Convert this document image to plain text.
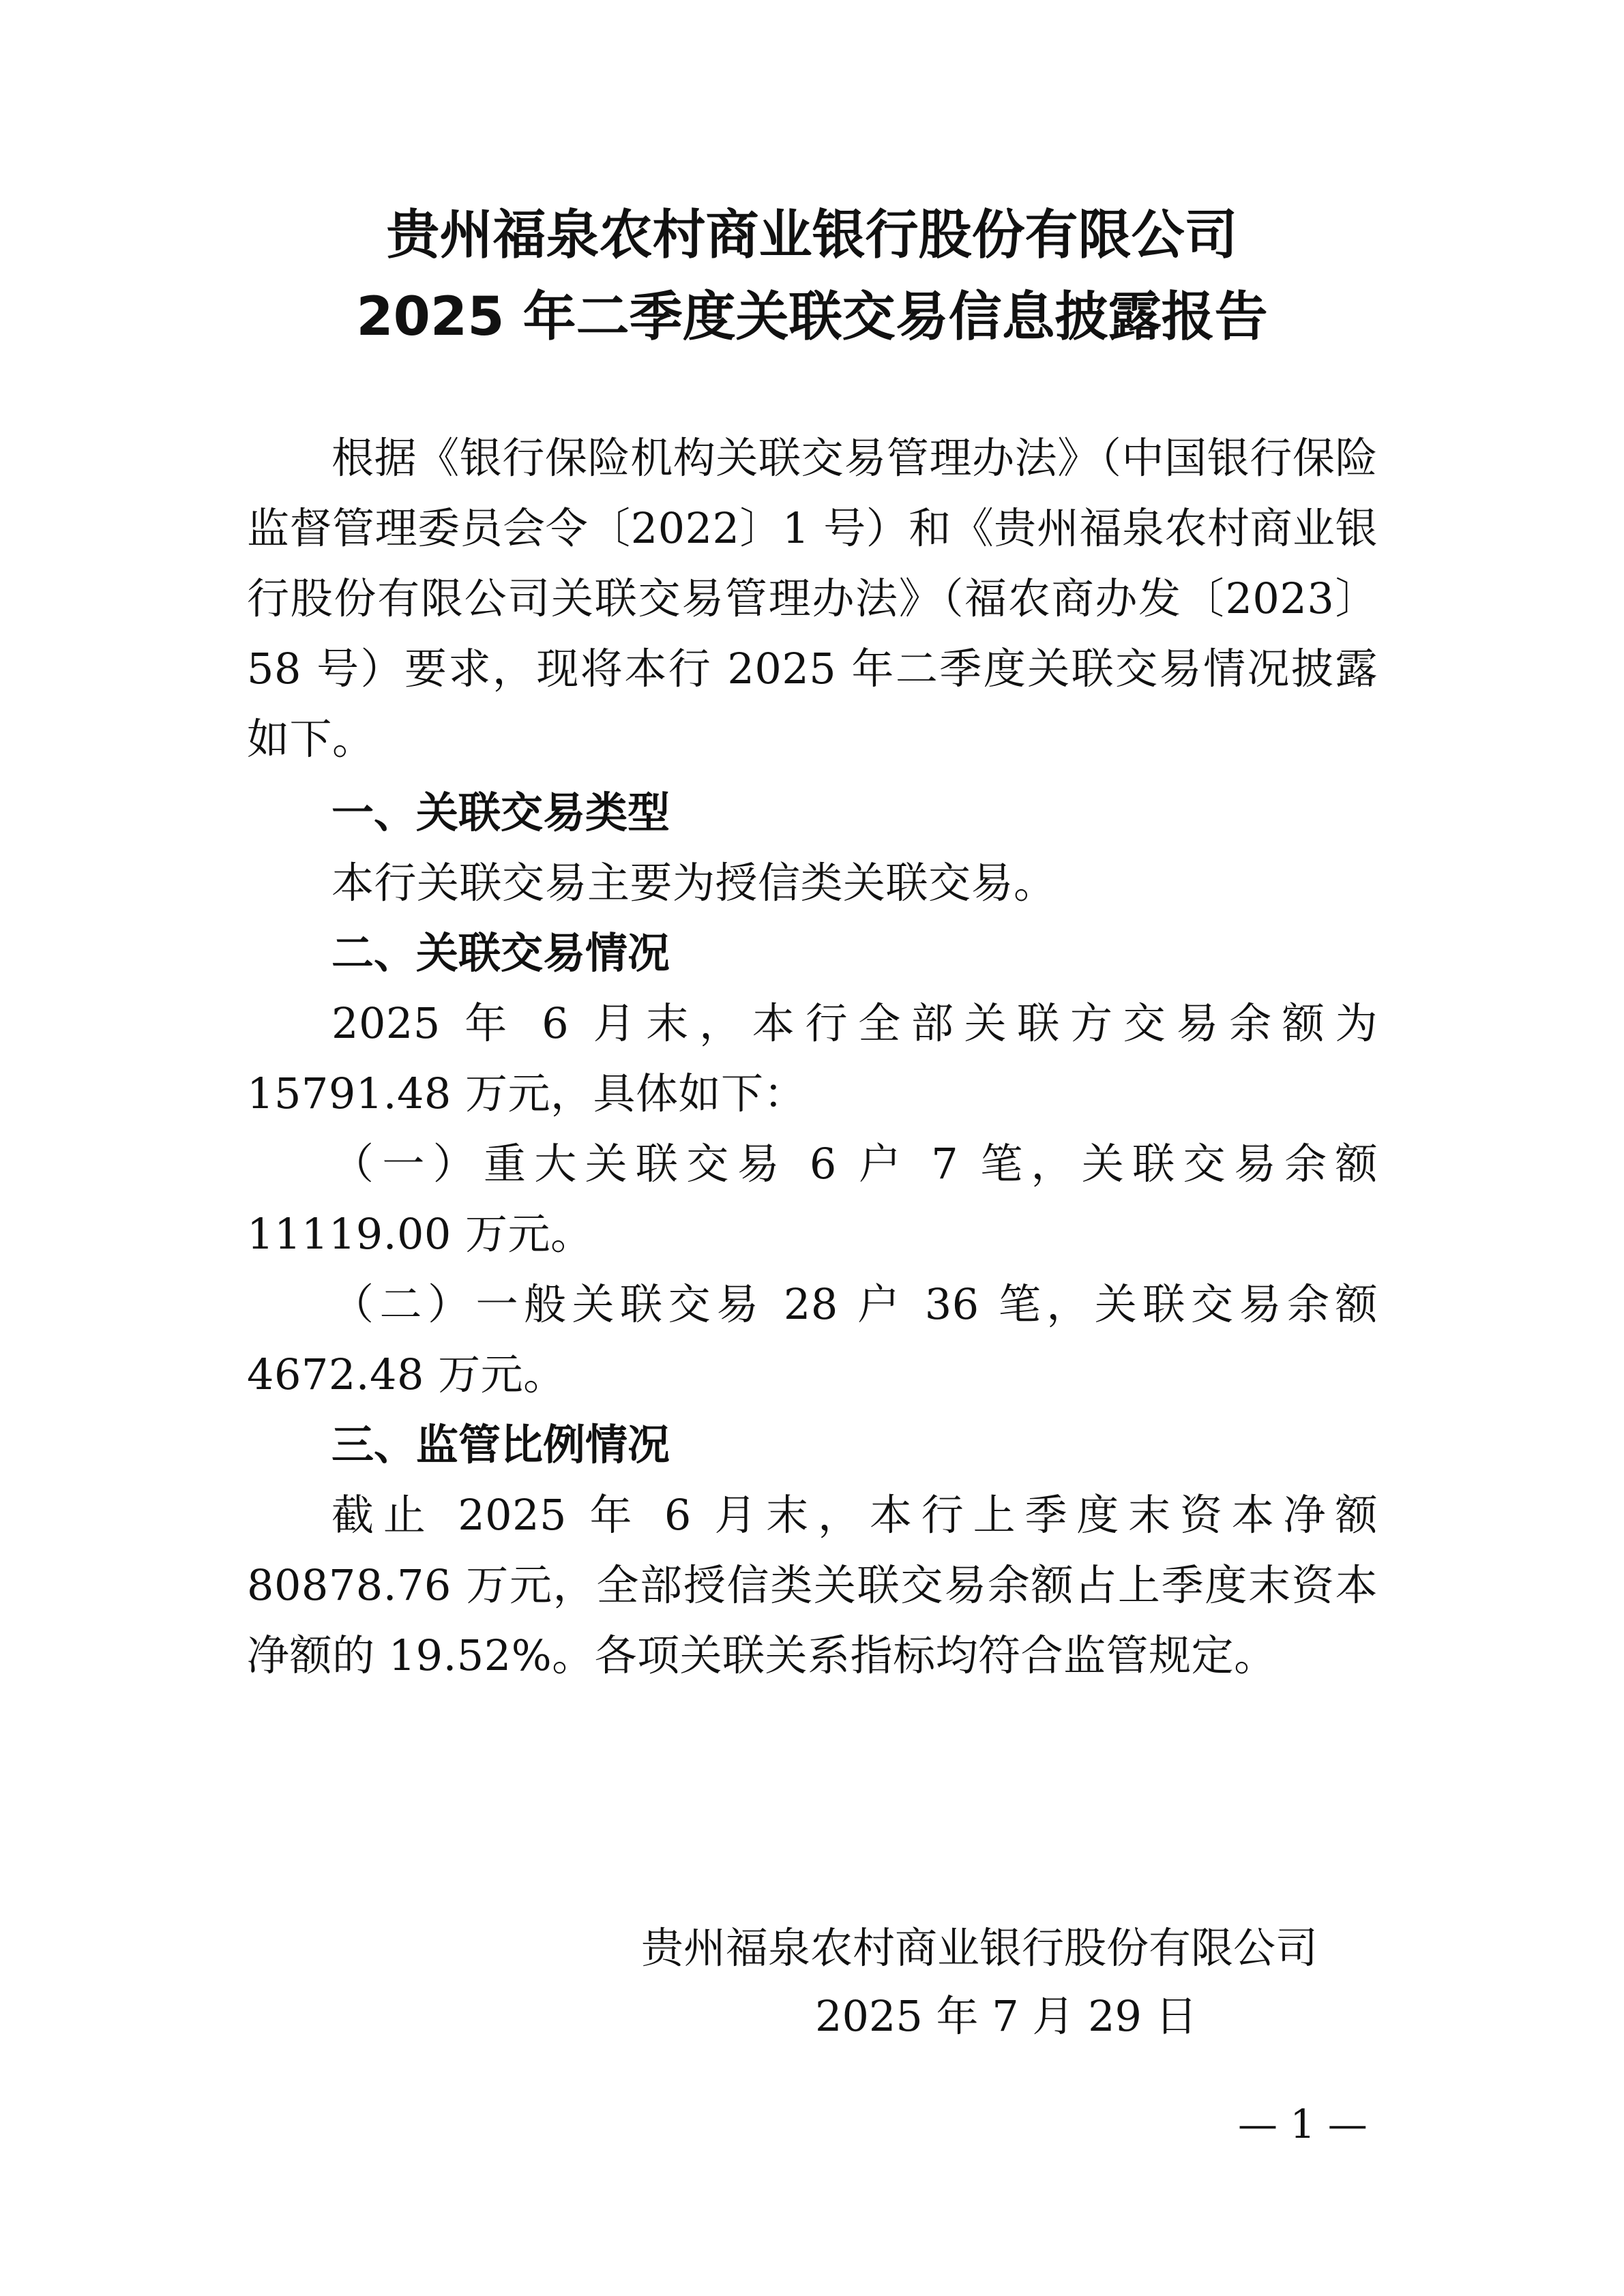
贵州福泉农村商业银行股份有限公司
2025 年二季度关联交易信息披露报告

根据《银行保险机构关联交易管理办法》（中国银行保险监督管理委员会令〔2022〕1 号）和《贵州福泉农村商业银行股份有限公司关联交易管理办法》（福农商办发〔2023〕58 号）要求，现将本行 2025 年二季度关联交易情况披露如下。

一、关联交易类型

本行关联交易主要为授信类关联交易。

二、关联交易情况

2025 年 6 月末，本行全部关联方交易余额为 15791.48 万元，具体如下：

（一）重大关联交易 6 户 7 笔，关联交易余额 11119.00 万元。

（二）一般关联交易 28 户 36 笔，关联交易余额 4672.48 万元。

三、监管比例情况

截止 2025 年 6 月末，本行上季度末资本净额 80878.76 万元，全部授信类关联交易余额占上季度末资本净额的 19.52%。各项关联关系指标均符合监管规定。

贵州福泉农村商业银行股份有限公司
2025 年 7 月 29 日
— 1 —
